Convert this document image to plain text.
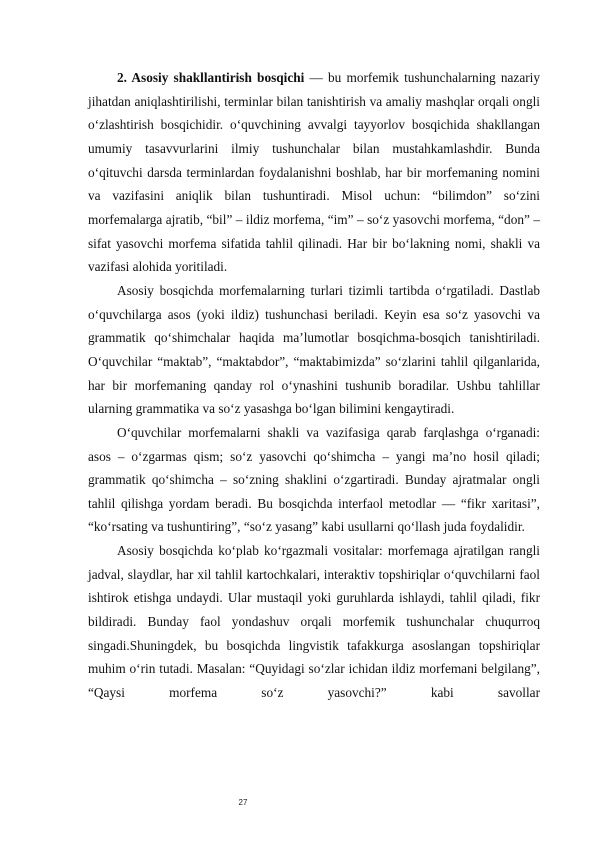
2. Asosiy shakllantirish bosqichi — bu morfemik tushunchalarning nazariy jihatdan aniqlashtirilishi, terminlar bilan tanishtirish va amaliy mashqlar orqali ongli o‘zlashtirish bosqichidir. o‘quvchining avvalgi tayyorlov bosqichida shakllangan umumiy tasavvurlarini ilmiy tushunchalar bilan mustahkamlashdir. Bunda o‘qituvchi darsda terminlardan foydalanishni boshlab, har bir morfemaning nomini va vazifasini aniqlik bilan tushuntiradi. Misol uchun: “bilimdon” so‘zini morfemalarga ajratib, “bil” – ildiz morfema, “im” – so‘z yasovchi morfema, “don” – sifat yasovchi morfema sifatida tahlil qilinadi. Har bir bo‘lakning nomi, shakli va vazifasi alohida yoritiladi.

Asosiy bosqichda morfemalarning turlari tizimli tartibda o‘rgatiladi. Dastlab o‘quvchilarga asos (yoki ildiz) tushunchasi beriladi. Keyin esa so‘z yasovchi va grammatik qo‘shimchalar haqida ma’lumotlar bosqichma-bosqich tanishtiriladi. O‘quvchilar “maktab”, “maktabdor”, “maktabimizda” so‘zlarini tahlil qilganlarida, har bir morfemaning qanday rol o‘ynashini tushunib boradilar. Ushbu tahlillar ularning grammatika va so‘z yasashga bo‘lgan bilimini kengaytiradi.

O‘quvchilar morfemalarni shakli va vazifasiga qarab farqlashga o‘rganadi: asos – o‘zgarmas qism; so‘z yasovchi qo‘shimcha – yangi ma’no hosil qiladi; grammatik qo‘shimcha – so‘zning shaklini o‘zgartiradi. Bunday ajratmalar ongli tahlil qilishga yordam beradi. Bu bosqichda interfaol metodlar — “fikr xaritasi”, “ko‘rsating va tushuntiring”, “so‘z yasang” kabi usullarni qo‘llash juda foydalidir.

Asosiy bosqichda ko‘plab ko‘rgazmali vositalar: morfemaga ajratilgan rangli jadval, slaydlar, har xil tahlil kartochkalari, interaktiv topshiriqlar o‘quvchilarni faol ishtirok etishga undaydi. Ular mustaqil yoki guruhlarda ishlaydi, tahlil qiladi, fikr bildiradi. Bunday faol yondashuv orqali morfemik tushunchalar chuqurroq singadi.Shuningdek, bu bosqichda lingvistik tafakkurga asoslangan topshiriqlar muhim o‘rin tutadi. Masalan: “Quyidagi so‘zlar ichidan ildiz morfemani belgilang”, “Qaysi morfema so‘z yasovchi?” kabi savollar

27
